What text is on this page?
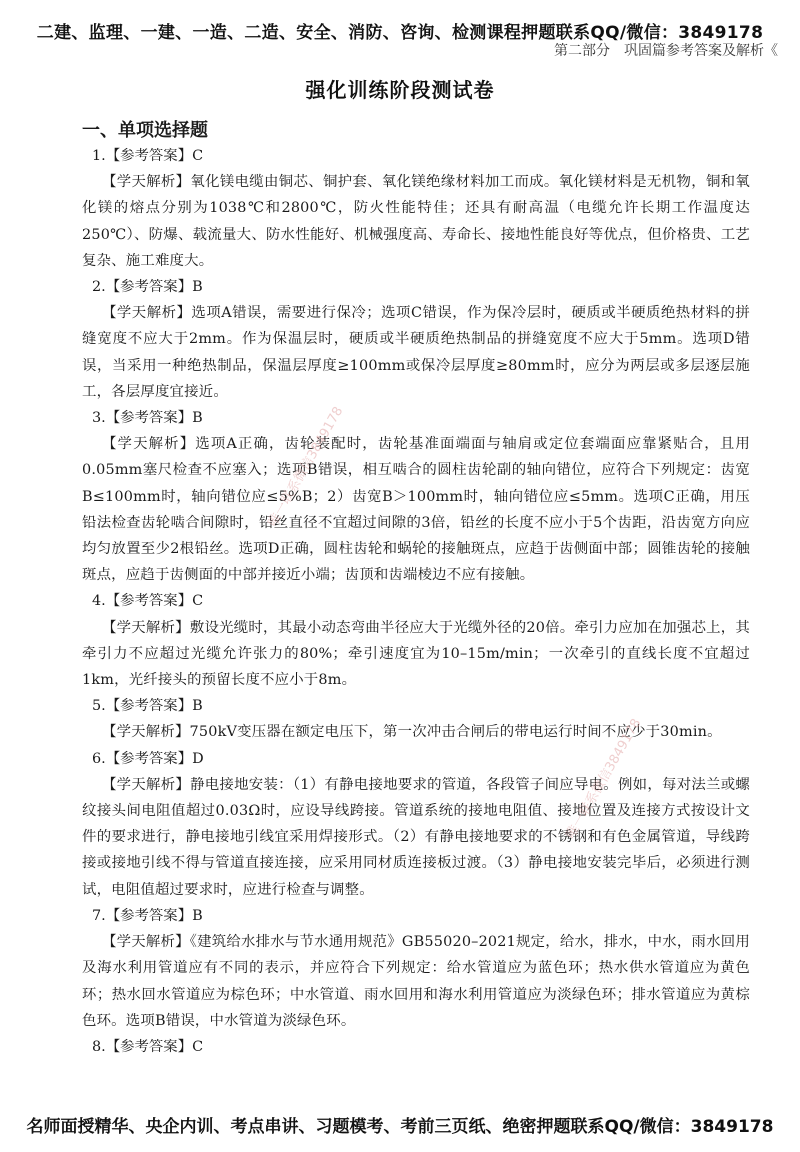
二建、监理、一建、一造、二造、安全、消防、咨询、检测课程押题联系QQ/微信：3849178
第二部分　巩固篇参考答案及解析《
强化训练阶段测试卷
一、单项选择题

1.【参考答案】C

【学天解析】氧化镁电缆由铜芯、铜护套、氧化镁绝缘材料加工而成。氧化镁材料是无机物，铜和氧化镁的熔点分别为1038℃和2800℃，防火性能特佳；还具有耐高温（电缆允许长期工作温度达 250℃）、防爆、载流量大、防水性能好、机械强度高、寿命长、接地性能良好等优点，但价格贵、工艺复杂、施工难度大。

2.【参考答案】B

【学天解析】选项A错误，需要进行保冷；选项C错误，作为保冷层时，硬质或半硬质绝热材料的拼缝宽度不应大于2mm。作为保温层时，硬质或半硬质绝热制品的拼缝宽度不应大于5mm。选项D错误，当采用一种绝热制品，保温层厚度≥100mm或保冷层厚度≥80mm时，应分为两层或多层逐层施工，各层厚度宜接近。

3.【参考答案】B

【学天解析】选项A正确，齿轮装配时，齿轮基准面端面与轴肩或定位套端面应靠紧贴合，且用0.05mm塞尺检查不应塞入；选项B错误，相互啮合的圆柱齿轮副的轴向错位，应符合下列规定：齿宽B≤100mm时，轴向错位应≤5%B；2）齿宽B＞100mm时，轴向错位应≤5mm。选项C正确，用压铅法检查齿轮啮合间隙时，铅丝直径不宜超过间隙的3倍，铅丝的长度不应小于5个齿距，沿齿宽方向应均匀放置至少2根铅丝。选项D正确，圆柱齿轮和蜗轮的接触斑点，应趋于齿侧面中部；圆锥齿轮的接触斑点，应趋于齿侧面的中部并接近小端；齿顶和齿端棱边不应有接触。

4.【参考答案】C

【学天解析】敷设光缆时，其最小动态弯曲半径应大于光缆外径的20倍。牵引力应加在加强芯上，其牵引力不应超过光缆允许张力的80%；牵引速度宜为10–15m/min；一次牵引的直线长度不宜超过1km，光纤接头的预留长度不应小于8m。

5.【参考答案】B

【学天解析】750kV变压器在额定电压下，第一次冲击合闸后的带电运行时间不应少于30min。

6.【参考答案】D

【学天解析】静电接地安装：（1）有静电接地要求的管道，各段管子间应导电。例如，每对法兰或螺纹接头间电阻值超过0.03Ω时，应设导线跨接。管道系统的接地电阻值、接地位置及连接方式按设计文件的要求进行，静电接地引线宜采用焊接形式。（2）有静电接地要求的不锈钢和有色金属管道，导线跨接或接地引线不得与管道直接连接，应采用同材质连接板过渡。（3）静电接地安装完毕后，必须进行测试，电阻值超过要求时，应进行检查与调整。

7.【参考答案】B

【学天解析】《建筑给水排水与节水通用规范》GB55020–2021规定，给水，排水，中水，雨水回用及海水利用管道应有不同的表示，并应符合下列规定：给水管道应为蓝色环；热水供水管道应为黄色环；热水回水管道应为棕色环；中水管道、雨水回用和海水利用管道应为淡绿色环；排水管道应为黄棕色环。选项B错误，中水管道为淡绿色环。

8.【参考答案】C

唯一联系微信3849178
唯一联系微信3849178
名师面授精华、央企内训、考点串讲、习题模考、考前三页纸、绝密押题联系QQ/微信：3849178
